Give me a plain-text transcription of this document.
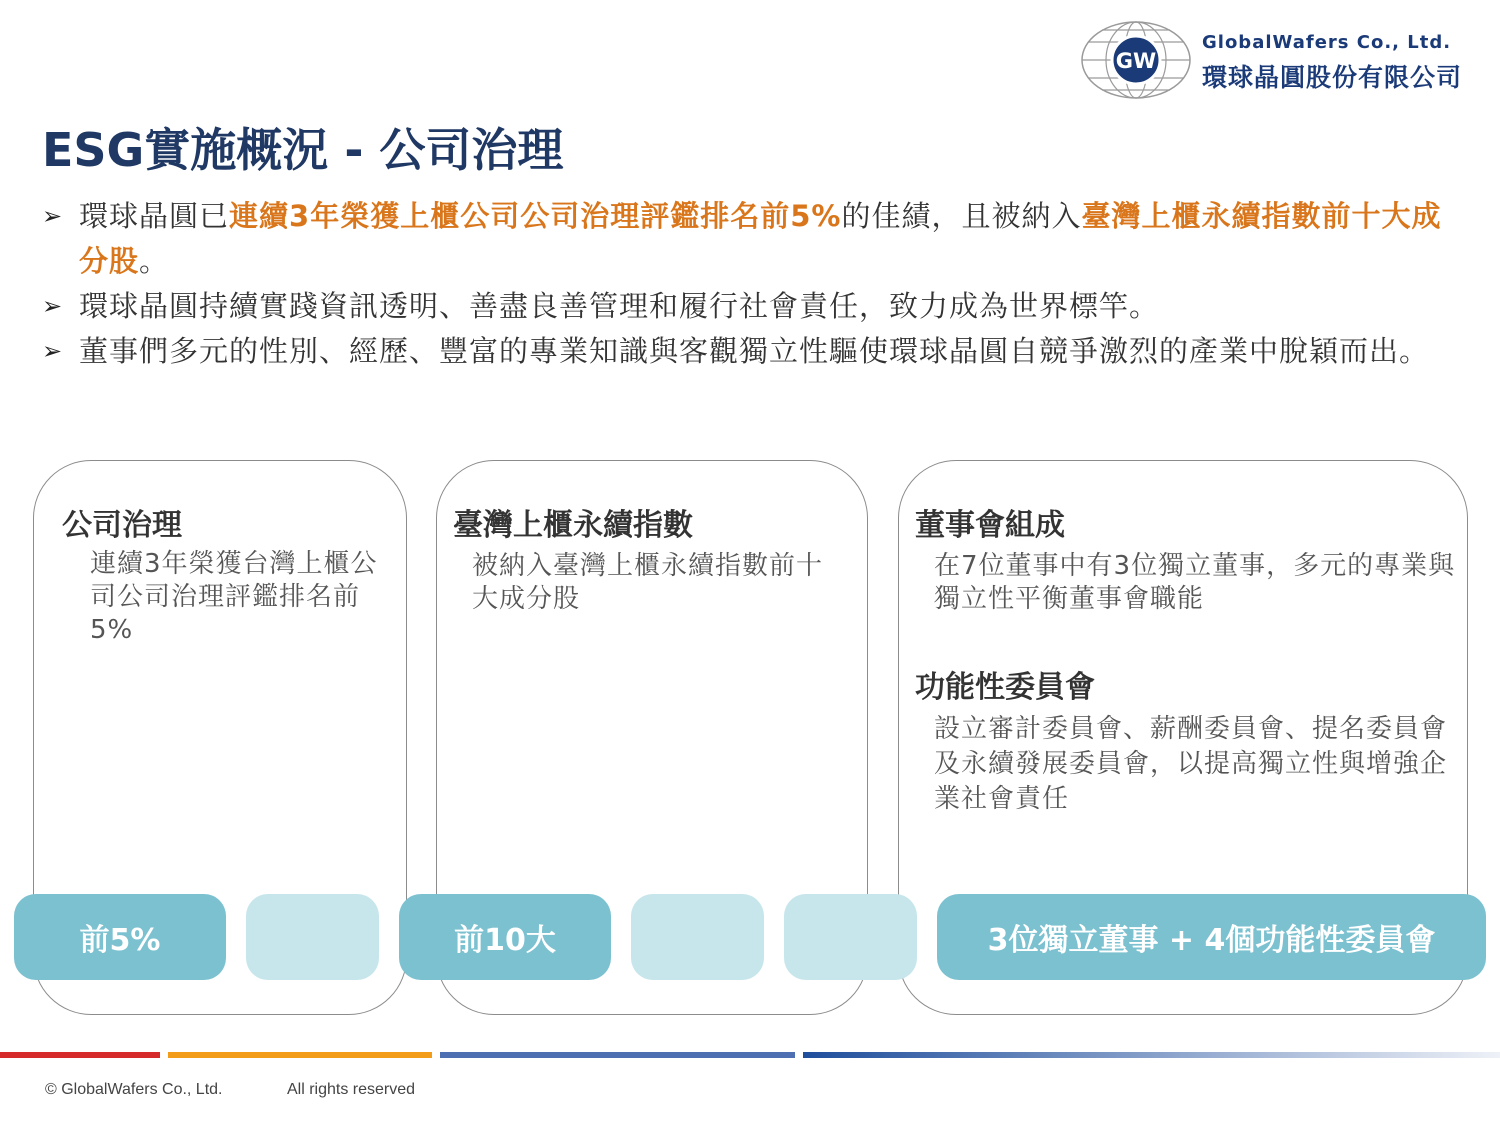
GW
GlobalWafers Co., Ltd.
環球晶圓股份有限公司
ESG實施概況 - 公司治理
➢ 環球晶圓已連續3年榮獲上櫃公司公司治理評鑑排名前5%的佳績，且被納入臺灣上櫃永續指數前十大成分股。
➢ 環球晶圓持續實踐資訊透明、善盡良善管理和履行社會責任，致力成為世界標竿。
➢ 董事們多元的性別、經歷、豐富的專業知識與客觀獨立性驅使環球晶圓自競爭激烈的產業中脫穎而出。
公司治理
連續3年榮獲台灣上櫃公司公司治理評鑑排名前5%
臺灣上櫃永續指數
被納入臺灣上櫃永續指數前十大成分股
董事會組成
在7位董事中有3位獨立董事，多元的專業與獨立性平衡董事會職能
功能性委員會
設立審計委員會、薪酬委員會、提名委員會及永續發展委員會，以提高獨立性與增強企業社會責任
前5%	前10大	3位獨立董事 + 4個功能性委員會
© GlobalWafers Co., Ltd.	All rights reserved
